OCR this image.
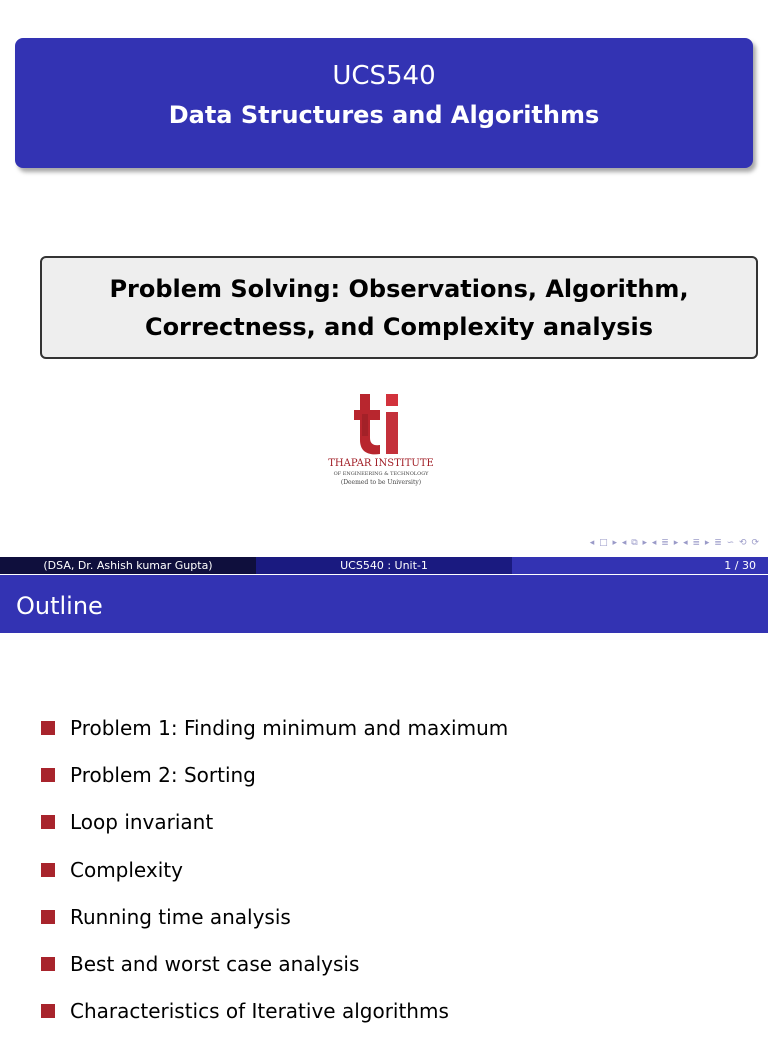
UCS540
Data Structures and Algorithms
Problem Solving: Observations, Algorithm, Correctness, and Complexity analysis
THAPAR INSTITUTE
OF ENGINEERING & TECHNOLOGY
(Deemed to be University)
◂ □ ▸ ◂ ⧉ ▸ ◂ ≣ ▸ ◂ ≣ ▸ ≣ ∽ ⟲ ⟳
(DSA, Dr. Ashish kumar Gupta)	UCS540 : Unit-1	1 / 30
Outline
Problem 1: Finding minimum and maximum
Problem 2: Sorting
Loop invariant
Complexity
Running time analysis
Best and worst case analysis
Characteristics of Iterative algorithms
